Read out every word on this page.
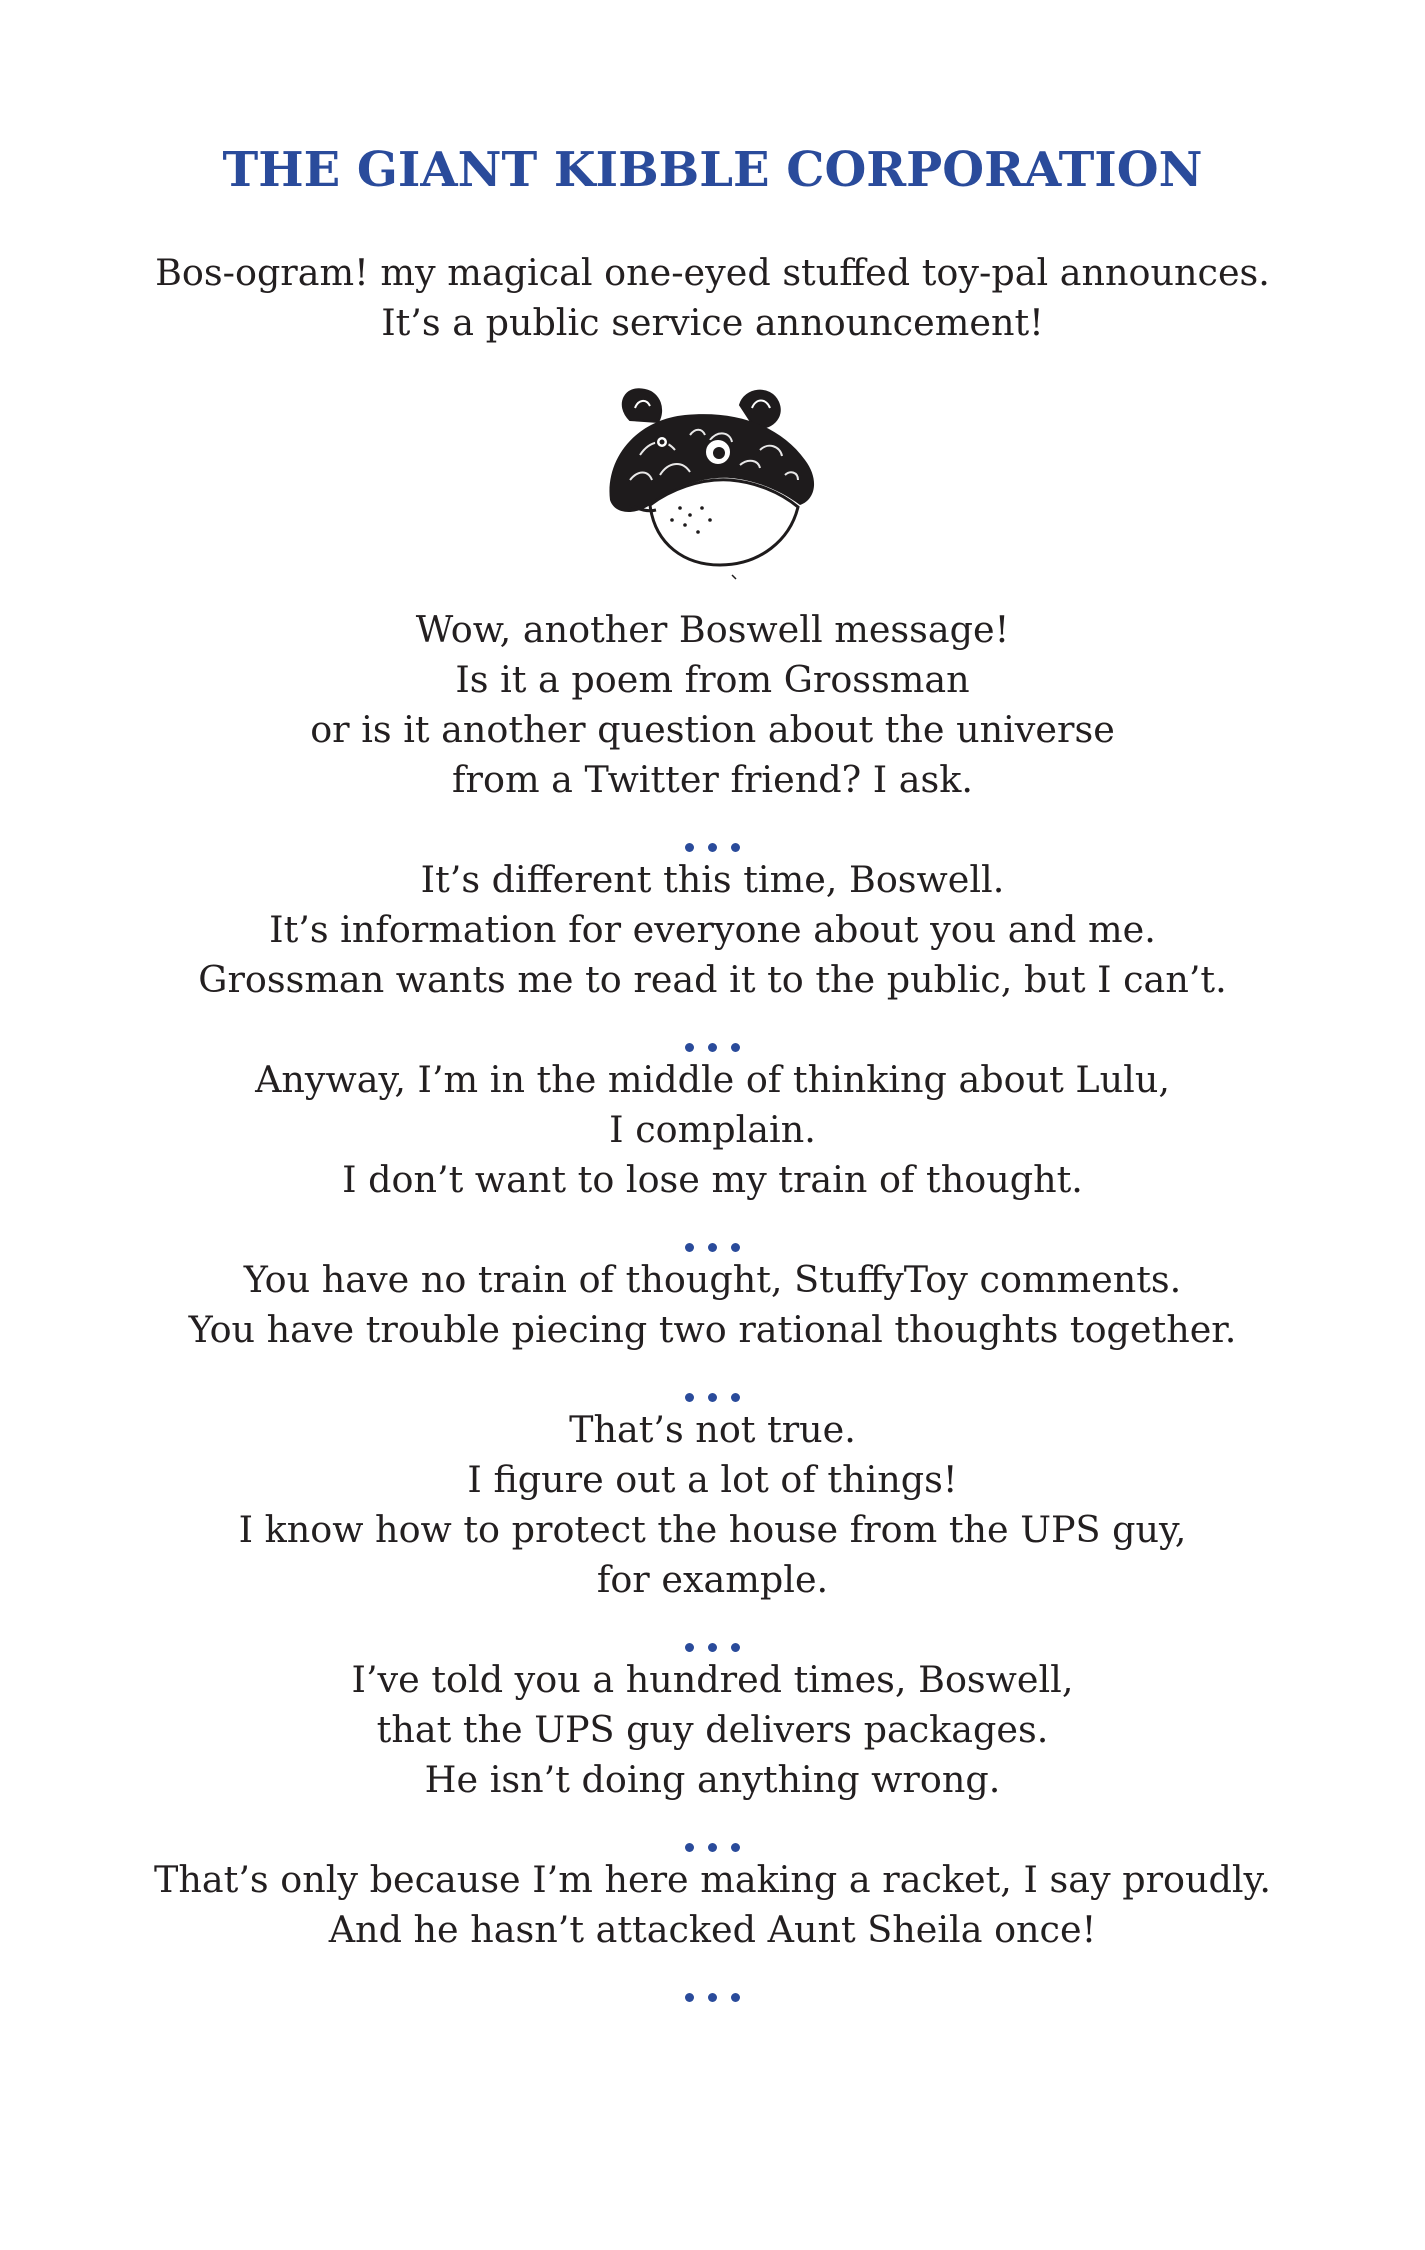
THE GIANT KIBBLE CORPORATION
Bos-ogram! my magical one-eyed stuffed toy-pal announces.
It’s a public service announcement!
Wow, another Boswell message!
Is it a poem from Grossman
or is it another question about the universe
from a Twitter friend? I ask.
It’s different this time, Boswell.
It’s information for everyone about you and me.
Grossman wants me to read it to the public, but I can’t.
Anyway, I’m in the middle of thinking about Lulu,
I complain.
I don’t want to lose my train of thought.
You have no train of thought, StuffyToy comments.
You have trouble piecing two rational thoughts together.
That’s not true.
I figure out a lot of things!
I know how to protect the house from the UPS guy,
for example.
I’ve told you a hundred times, Boswell,
that the UPS guy delivers packages.
He isn’t doing anything wrong.
That’s only because I’m here making a racket, I say proudly.
And he hasn’t attacked Aunt Sheila once!
